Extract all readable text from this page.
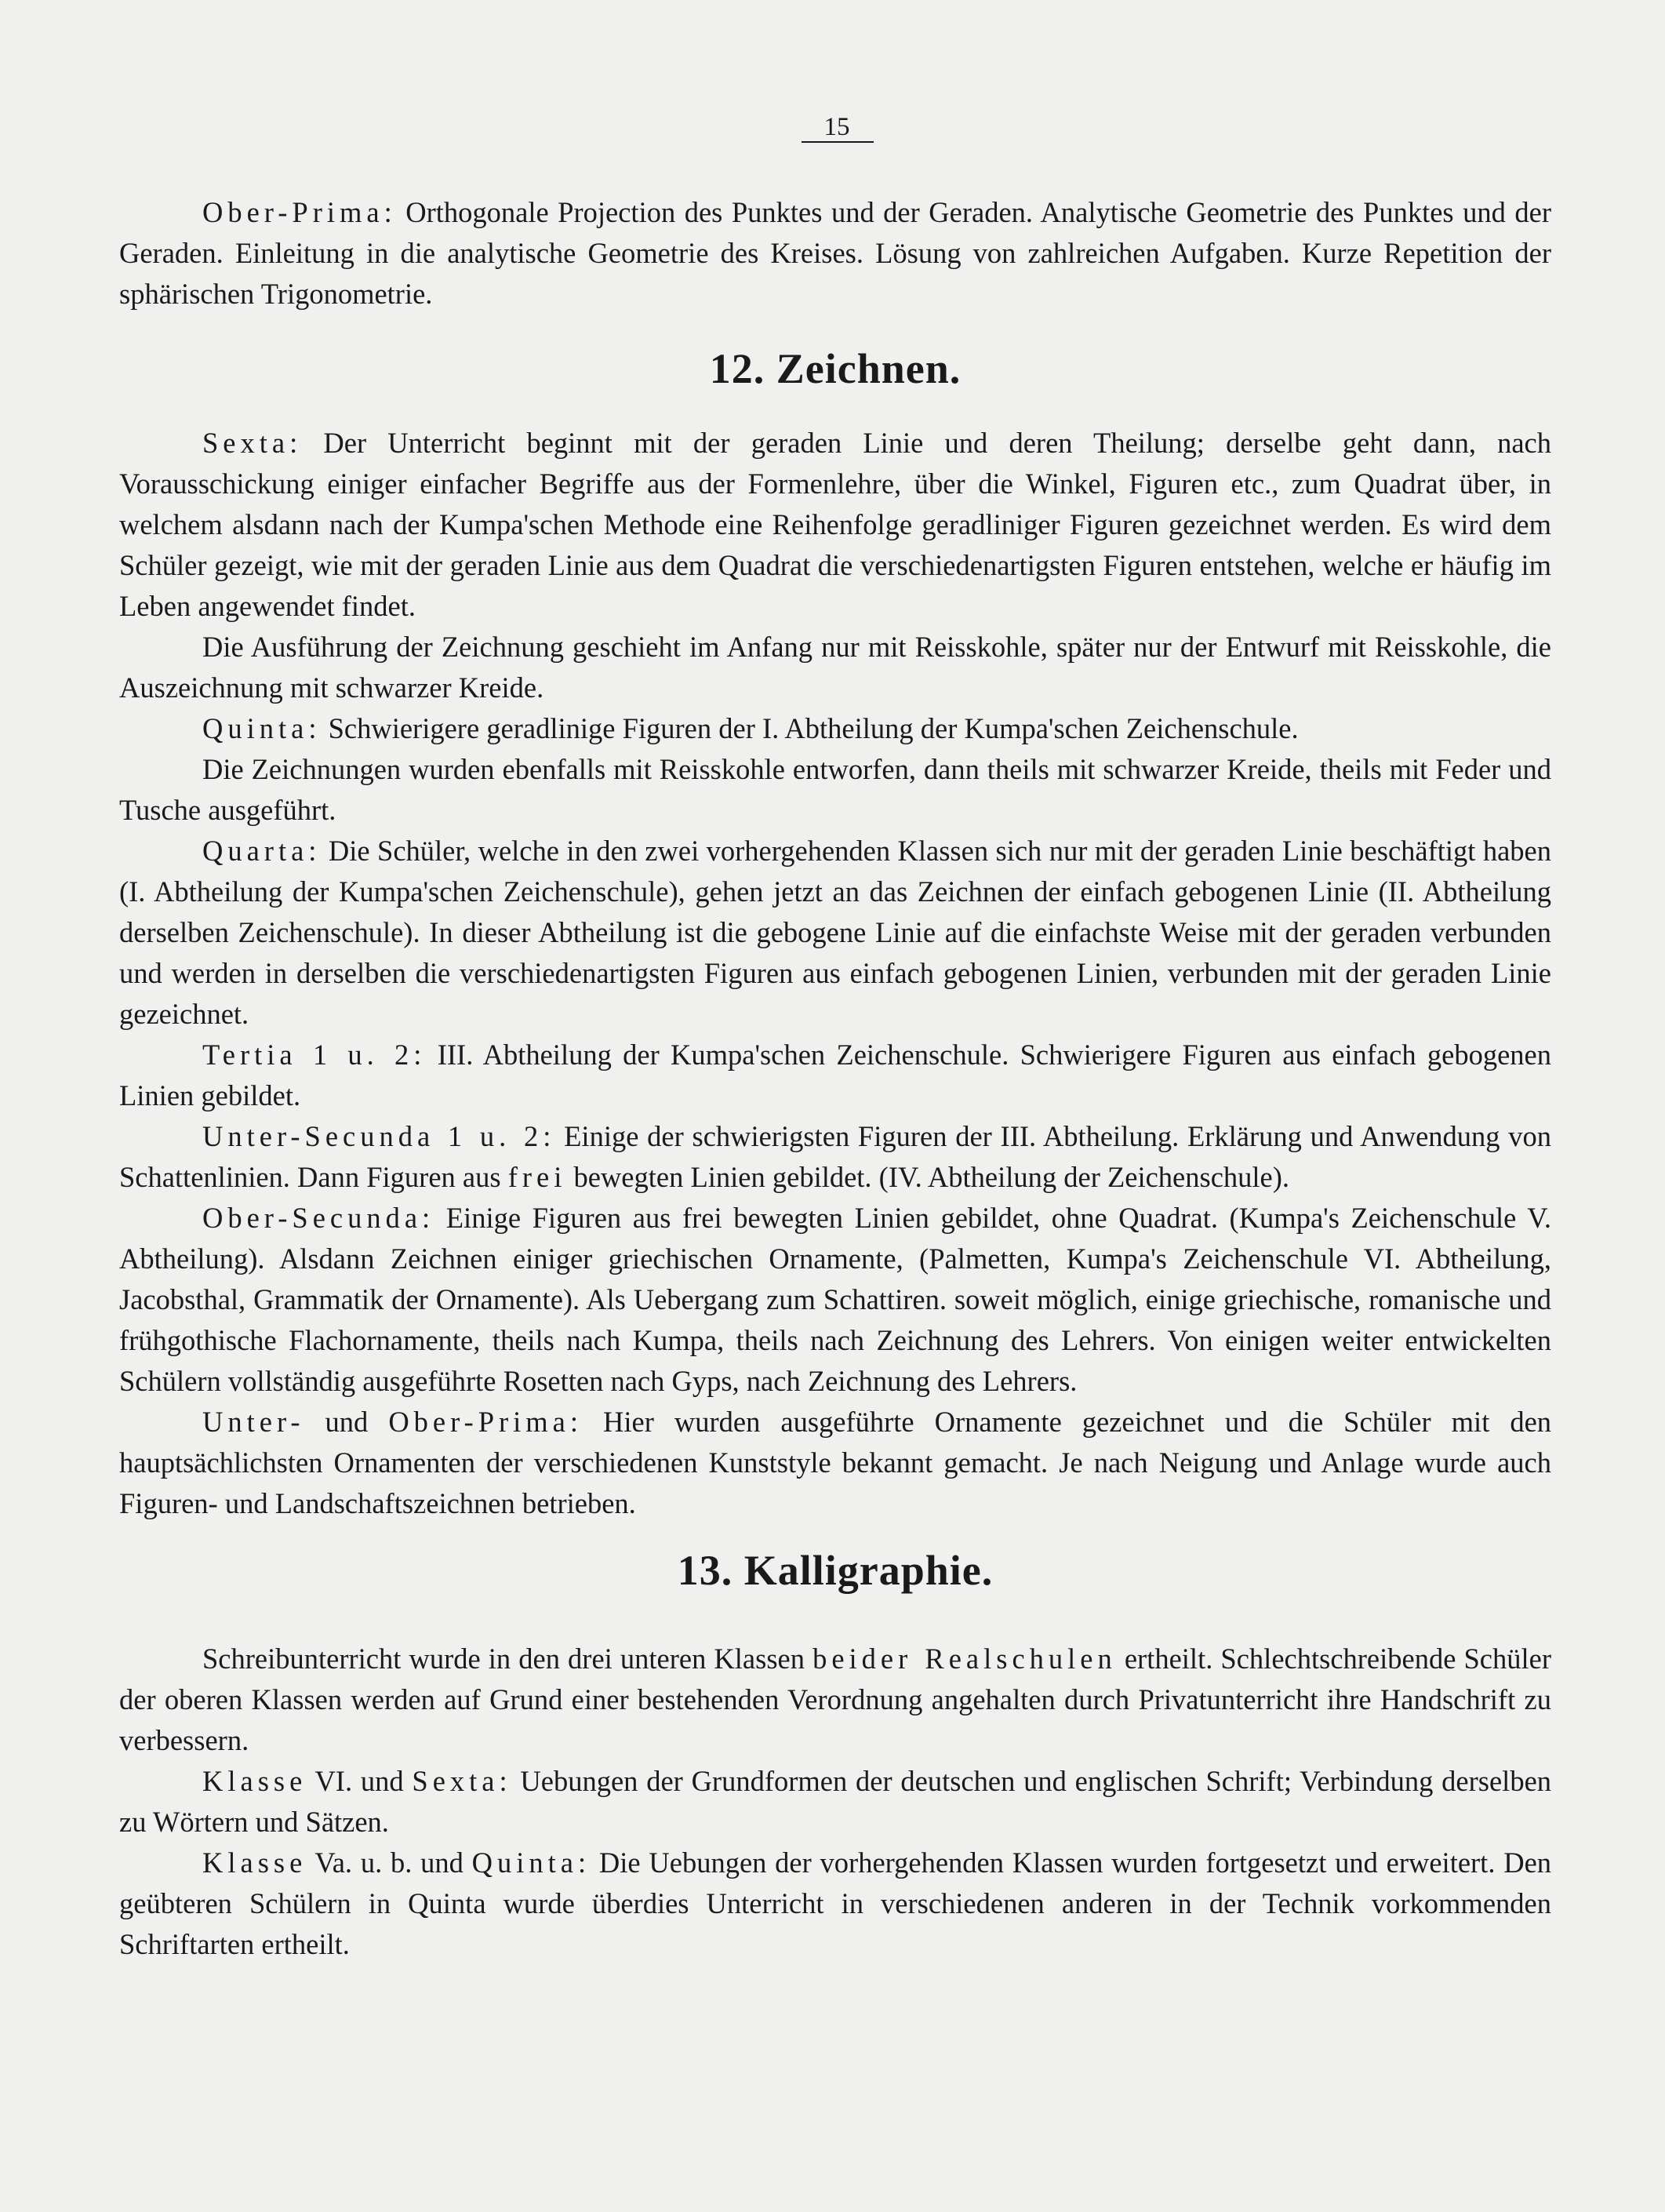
15

Ober-Prima: Orthogonale Projection des Punktes und der Geraden. Analytische Geometrie des Punktes und der Geraden. Einleitung in die analytische Geometrie des Kreises. Lösung von zahlreichen Aufgaben. Kurze Repetition der sphärischen Trigonometrie.

12. Zeichnen.

Sexta: Der Unterricht beginnt mit der geraden Linie und deren Theilung; derselbe geht dann, nach Vorausschickung einiger einfacher Begriffe aus der Formenlehre, über die Winkel, Figuren etc., zum Quadrat über, in welchem alsdann nach der Kumpa'schen Methode eine Reihenfolge geradliniger Figuren gezeichnet werden. Es wird dem Schüler gezeigt, wie mit der geraden Linie aus dem Quadrat die verschiedenartigsten Figuren entstehen, welche er häufig im Leben angewendet findet.

Die Ausführung der Zeichnung geschieht im Anfang nur mit Reisskohle, später nur der Entwurf mit Reisskohle, die Auszeichnung mit schwarzer Kreide.

Quinta: Schwierigere geradlinige Figuren der I. Abtheilung der Kumpa'schen Zeichenschule.

Die Zeichnungen wurden ebenfalls mit Reisskohle entworfen, dann theils mit schwarzer Kreide, theils mit Feder und Tusche ausgeführt.

Quarta: Die Schüler, welche in den zwei vorhergehenden Klassen sich nur mit der geraden Linie beschäftigt haben (I. Abtheilung der Kumpa'schen Zeichenschule), gehen jetzt an das Zeichnen der einfach gebogenen Linie (II. Abtheilung derselben Zeichenschule). In dieser Abtheilung ist die gebogene Linie auf die einfachste Weise mit der geraden verbunden und werden in derselben die verschiedenartigsten Figuren aus einfach gebogenen Linien, verbunden mit der geraden Linie gezeichnet.

Tertia 1 u. 2: III. Abtheilung der Kumpa'schen Zeichenschule. Schwierigere Figuren aus einfach gebogenen Linien gebildet.

Unter-Secunda 1 u. 2: Einige der schwierigsten Figuren der III. Abtheilung. Erklärung und Anwendung von Schattenlinien. Dann Figuren aus frei bewegten Linien gebildet. (IV. Abtheilung der Zeichenschule).

Ober-Secunda: Einige Figuren aus frei bewegten Linien gebildet, ohne Quadrat. (Kumpa's Zeichenschule V. Abtheilung). Alsdann Zeichnen einiger griechischen Ornamente, (Palmetten, Kumpa's Zeichenschule VI. Abtheilung, Jacobsthal, Grammatik der Ornamente). Als Uebergang zum Schattiren. soweit möglich, einige griechische, romanische und frühgothische Flachornamente, theils nach Kumpa, theils nach Zeichnung des Lehrers. Von einigen weiter entwickelten Schülern vollständig ausgeführte Rosetten nach Gyps, nach Zeichnung des Lehrers.

Unter- und Ober-Prima: Hier wurden ausgeführte Ornamente gezeichnet und die Schüler mit den hauptsächlichsten Ornamenten der verschiedenen Kunststyle bekannt gemacht. Je nach Neigung und Anlage wurde auch Figuren- und Landschaftszeichnen betrieben.

13. Kalligraphie.

Schreibunterricht wurde in den drei unteren Klassen beider Realschulen ertheilt. Schlechtschreibende Schüler der oberen Klassen werden auf Grund einer bestehenden Verordnung angehalten durch Privatunterricht ihre Handschrift zu verbessern.

Klasse VI. und Sexta: Uebungen der Grundformen der deutschen und englischen Schrift; Verbindung derselben zu Wörtern und Sätzen.

Klasse Va. u. b. und Quinta: Die Uebungen der vorhergehenden Klassen wurden fortgesetzt und erweitert. Den geübteren Schülern in Quinta wurde überdies Unterricht in verschiedenen anderen in der Technik vorkommenden Schriftarten ertheilt.
